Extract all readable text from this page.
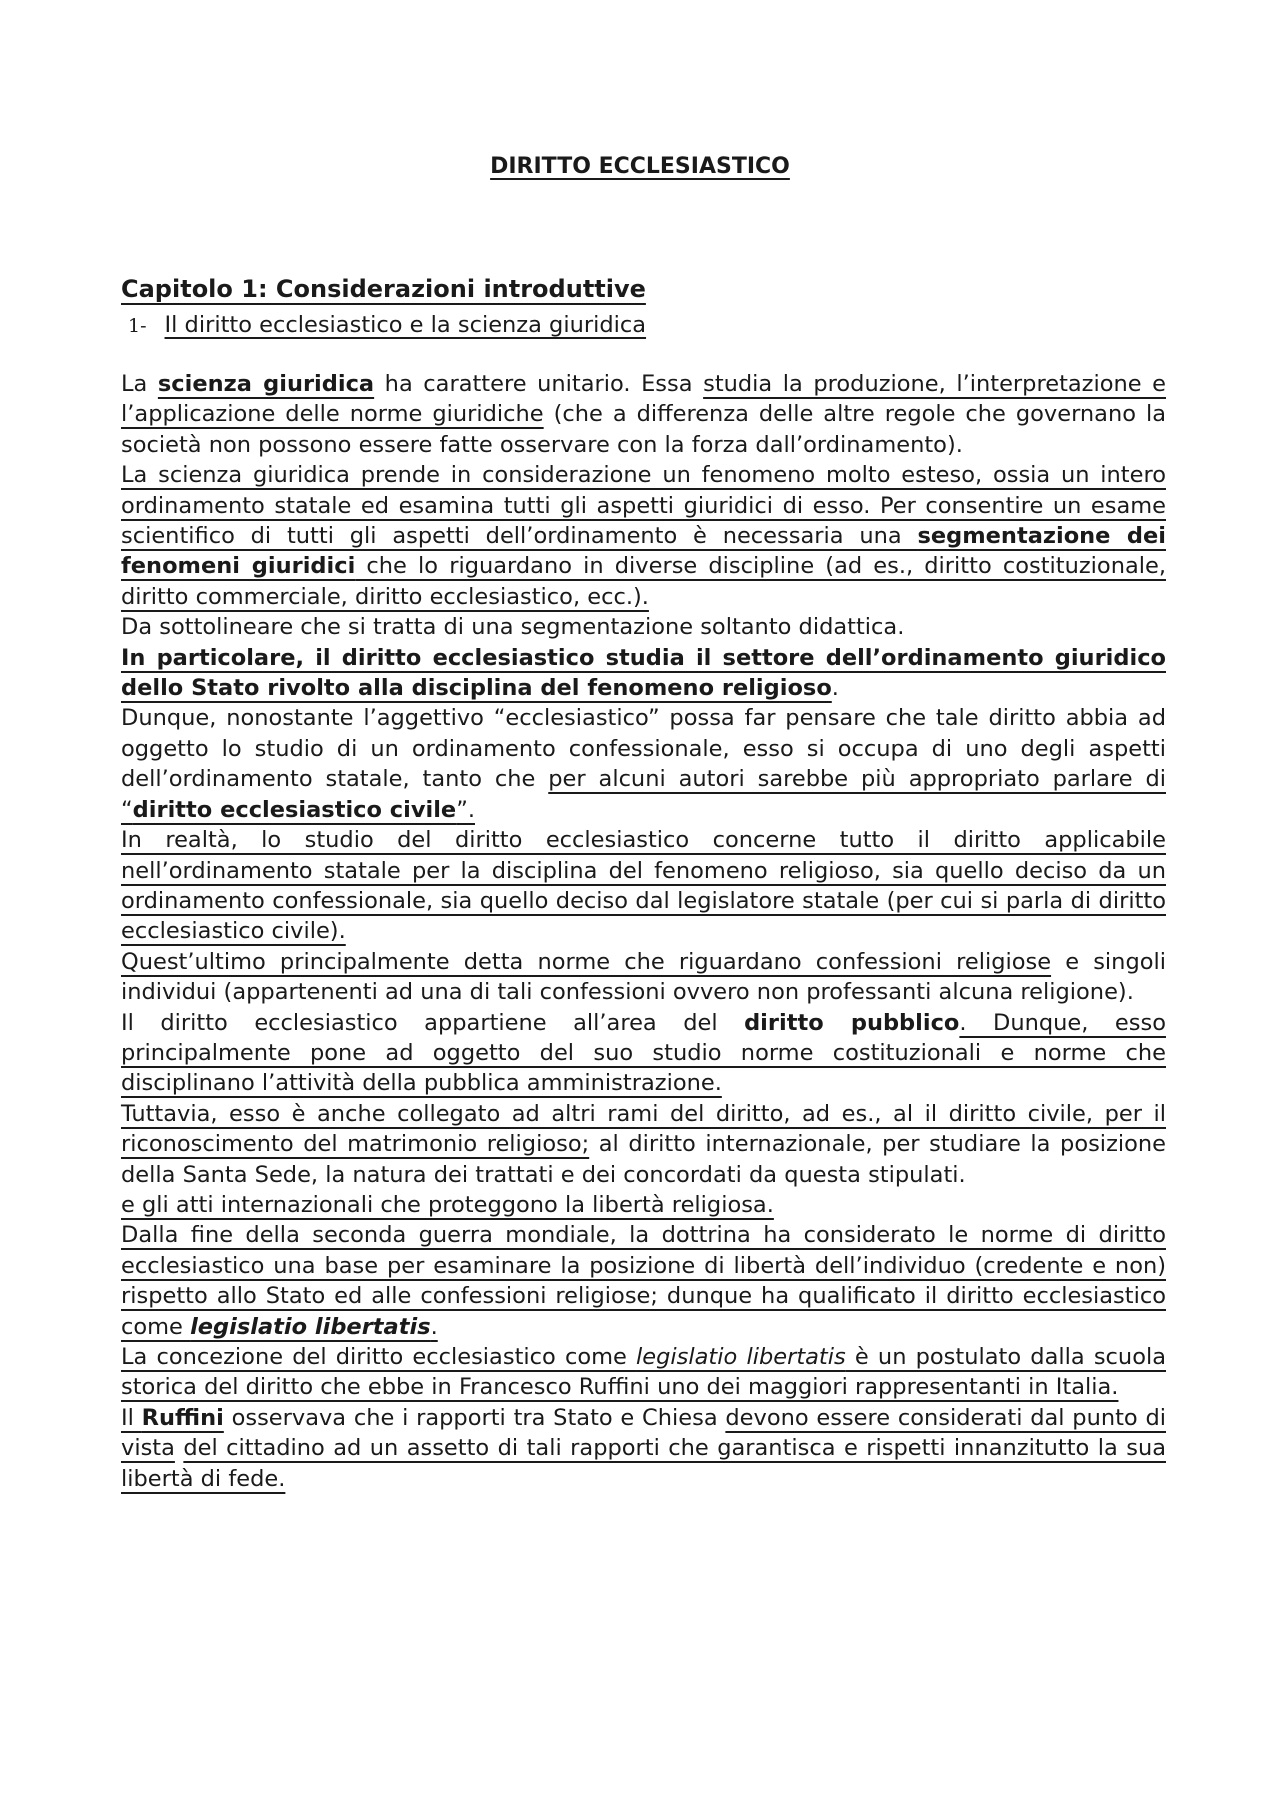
DIRITTO ECCLESIASTICO
Capitolo 1: Considerazioni introduttive
1- Il diritto ecclesiastico e la scienza giuridica

La scienza giuridica ha carattere unitario. Essa studia la produzione, l’interpretazione e l’applicazione delle norme giuridiche (che a differenza delle altre regole che governano la società non possono essere fatte osservare con la forza dall’ordinamento).

La scienza giuridica prende in considerazione un fenomeno molto esteso, ossia un intero ordinamento statale ed esamina tutti gli aspetti giuridici di esso. Per consentire un esame scientifico di tutti gli aspetti dell’ordinamento è necessaria una segmentazione dei fenomeni giuridici che lo riguardano in diverse discipline (ad es., diritto costituzionale, diritto commerciale, diritto ecclesiastico, ecc.).

Da sottolineare che si tratta di una segmentazione soltanto didattica.

In particolare, il diritto ecclesiastico studia il settore dell’ordinamento giuridico dello Stato rivolto alla disciplina del fenomeno religioso.

Dunque, nonostante l’aggettivo “ecclesiastico” possa far pensare che tale diritto abbia ad oggetto lo studio di un ordinamento confessionale, esso si occupa di uno degli aspetti dell’ordinamento statale, tanto che per alcuni autori sarebbe più appropriato parlare di “diritto ecclesiastico civile”.

In realtà, lo studio del diritto ecclesiastico concerne tutto il diritto applicabile nell’ordinamento statale per la disciplina del fenomeno religioso, sia quello deciso da un ordinamento confessionale, sia quello deciso dal legislatore statale (per cui si parla di diritto ecclesiastico civile).

Quest’ultimo principalmente detta norme che riguardano confessioni religiose e singoli individui (appartenenti ad una di tali confessioni ovvero non professanti alcuna religione).

Il diritto ecclesiastico appartiene all’area del diritto pubblico. Dunque, esso principalmente pone ad oggetto del suo studio norme costituzionali e norme che disciplinano l’attività della pubblica amministrazione.

Tuttavia, esso è anche collegato ad altri rami del diritto, ad es., al il diritto civile, per il riconoscimento del matrimonio religioso; al diritto internazionale, per studiare la posizione della Santa Sede, la natura dei trattati e dei concordati da questa stipulati.

e gli atti internazionali che proteggono la libertà religiosa.

Dalla fine della seconda guerra mondiale, la dottrina ha considerato le norme di diritto ecclesiastico una base per esaminare la posizione di libertà dell’individuo (credente e non) rispetto allo Stato ed alle confessioni religiose; dunque ha qualificato il diritto ecclesiastico come legislatio libertatis.

La concezione del diritto ecclesiastico come legislatio libertatis è un postulato dalla scuola storica del diritto che ebbe in Francesco Ruffini uno dei maggiori rappresentanti in Italia.

Il Ruffini osservava che i rapporti tra Stato e Chiesa devono essere considerati dal punto di vista del cittadino ad un assetto di tali rapporti che garantisca e rispetti innanzitutto la sua libertà di fede.
